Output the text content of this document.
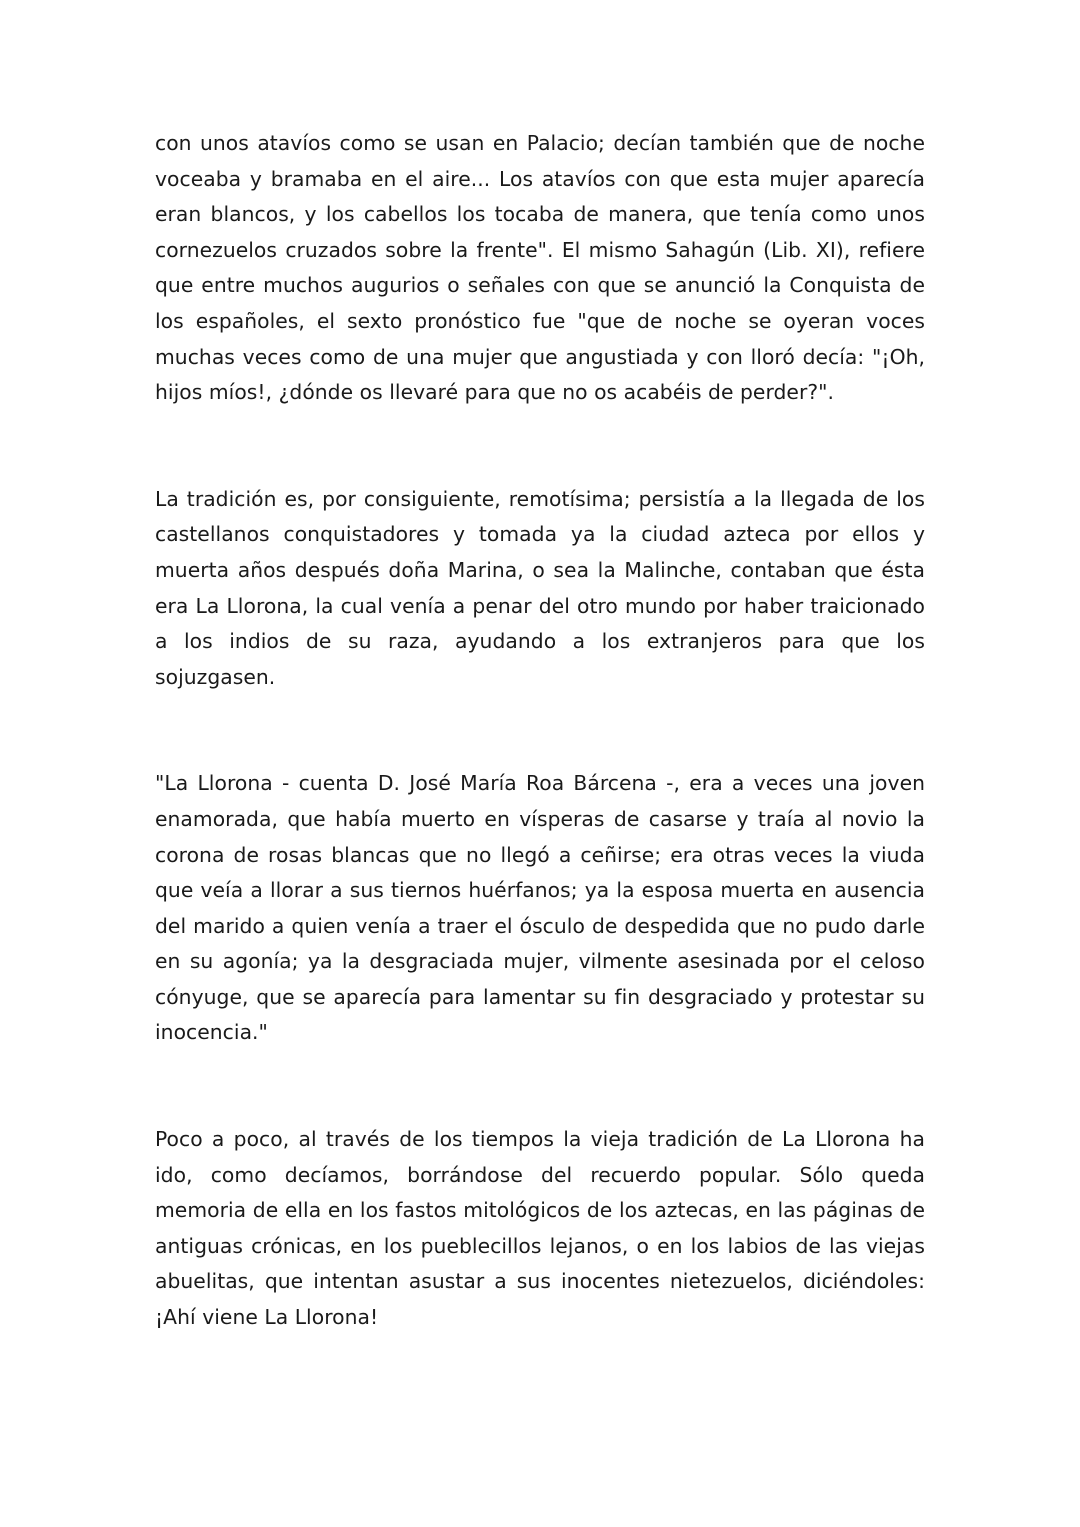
con unos atavíos como se usan en Palacio; decían también que de noche voceaba y bramaba en el aire... Los atavíos con que esta mujer aparecía eran blancos, y los cabellos los tocaba de manera, que tenía como unos cornezuelos cruzados sobre la frente". El mismo Sahagún (Lib. XI), refiere que entre muchos augurios o señales con que se anunció la Conquista de los españoles, el sexto pronóstico fue "que de noche se oyeran voces muchas veces como de una mujer que angustiada y con lloró decía: "¡Oh, hijos míos!, ¿dónde os llevaré para que no os acabéis de perder?".

La tradición es, por consiguiente, remotísima; persistía a la llegada de los castellanos conquistadores y tomada ya la ciudad azteca por ellos y muerta años después doña Marina, o sea la Malinche, contaban que ésta era La Llorona, la cual venía a penar del otro mundo por haber traicionado a los indios de su raza, ayudando a los extranjeros para que los sojuzgasen.

"La Llorona - cuenta D. José María Roa Bárcena -, era a veces una joven enamorada, que había muerto en vísperas de casarse y traía al novio la corona de rosas blancas que no llegó a ceñirse; era otras veces la viuda que veía a llorar a sus tiernos huérfanos; ya la esposa muerta en ausencia del marido a quien venía a traer el ósculo de despedida que no pudo darle en su agonía; ya la desgraciada mujer, vilmente asesinada por el celoso cónyuge, que se aparecía para lamentar su fin desgraciado y protestar su inocencia."

Poco a poco, al través de los tiempos la vieja tradición de La Llorona ha ido, como decíamos, borrándose del recuerdo popular. Sólo queda memoria de ella en los fastos mitológicos de los aztecas, en las páginas de antiguas crónicas, en los pueblecillos lejanos, o en los labios de las viejas abuelitas, que intentan asustar a sus inocentes nietezuelos, diciéndoles: ¡Ahí viene La Llorona!
